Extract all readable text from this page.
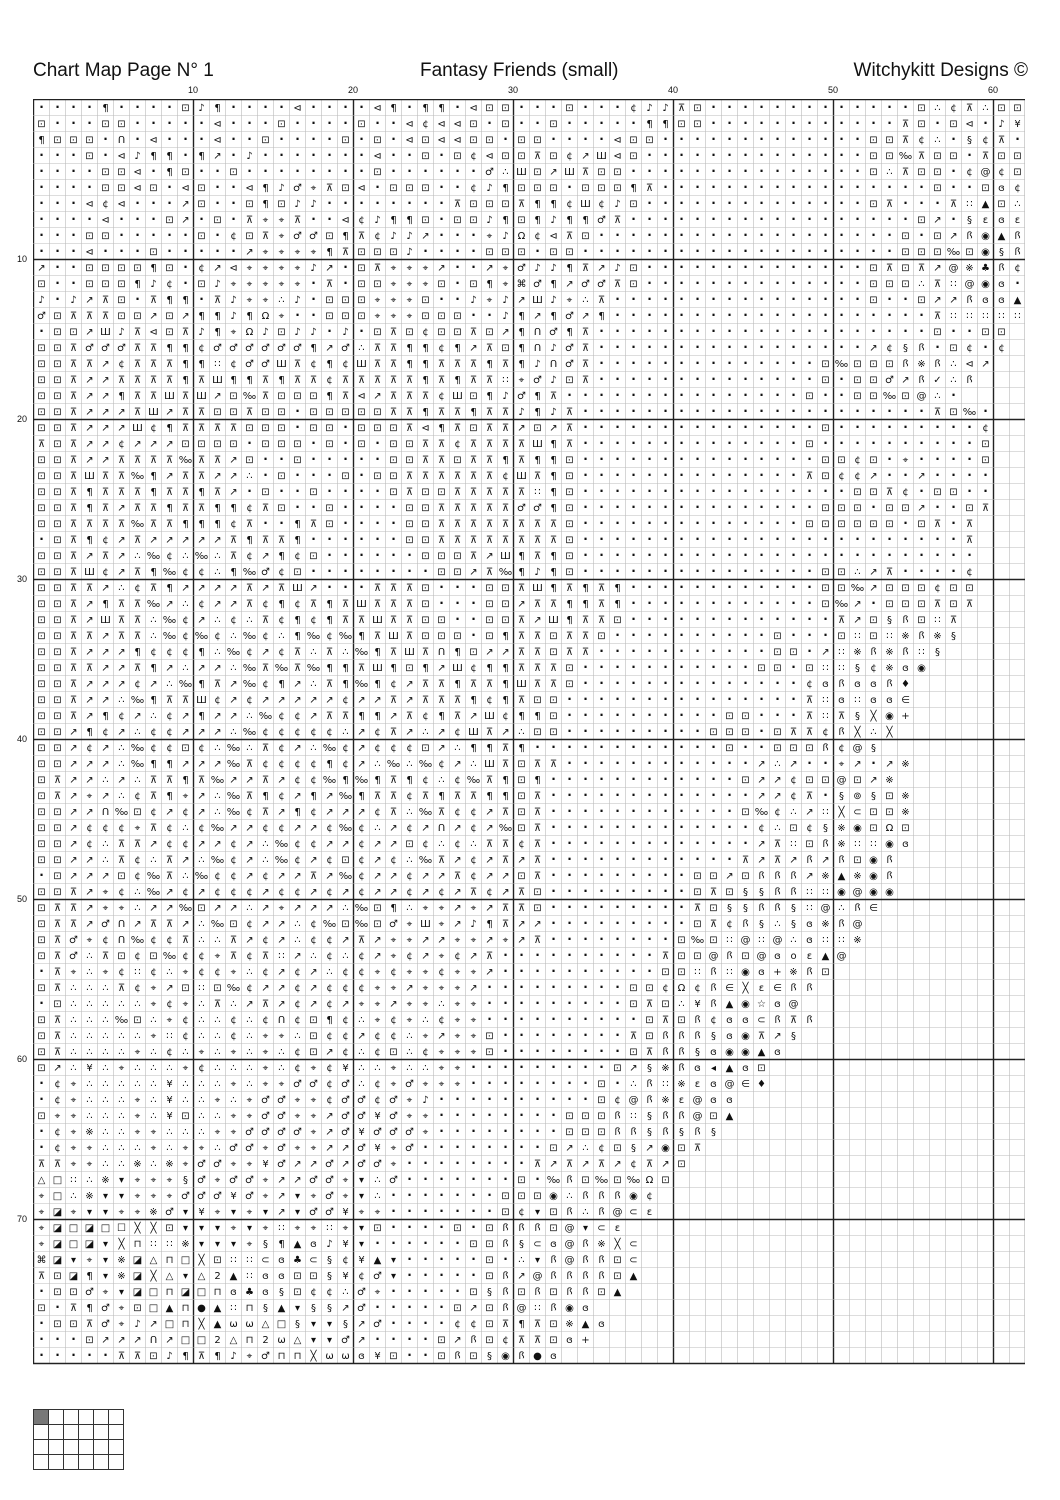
Chart Map Page N° 1	Fantasy Friends (small)	Witchykitt Designs ©
10	20	30	40	50	60
10
20
30
40
50
60
70
· · · · ¶ · · · · ⊡ ♪ ¶ · · · · ⊲ · · · · ⊲ ¶ · ¶ ¶ · ⊲ ⊡ ⊡ · · · ⊡ · · · ¢ ♪ ♪ ⊼ ⊡ · · · · · · · · · · · · · ⊡ ∴ ¢ ⊼ ∴ ⊡ ⊡
⊡ · · · ⊡ ⊡ · · · · · ⊲ · · · ⊡ · · · · ⊡ · · ⊲ ¢ ⊲ ⊲ ⊡ · ⊡ · · ⊡ · · · · · ¶ ¶ ⊡ ⊡ · · · · · · · · · · · · ⊼ ⊡ · ⊡ ⊲ · ♪ ¥
¶ ⊡ ⊡ ⊡ · Ո · ⊲ · · · ⊲ · · ⊡ · · · · ⊡ · ⊡ · ⊲ ⊡ ⊲ ⊲ ⊡ ⊡ · ⊡ ⊡ · · · · ⊲ ⊡ ⊡ · · · · · · · · · · · · · ⊡ ⊡ ⊼ ¢ ∴ · § ¢ ⊼ ·
· · · ⊡ · ⊲ ♪ ¶ ¶ · ¶ ↗ · ♪ · · · · · · · ⊲ · · ⊡ · ⊡ ¢ ⊲ ⊡ ⊡ ⊼ ⊡ ¢ ↗ Ш ⊲ ⊡ · · · · · · · · · · · · · · ⊡ ⊡ ‰ ⊼ ⊡ ⊡ · ⊼ ⊡ ⊡
· · · · ⊡ ⊡ ⊲ · ¶ ⊡ · · ⊡ · · · · · · · · ⊡ · · · · · · ♂ ∴ Ш ⊡ ↗ Ш ⊼ ⊡ ⊡ · · · · · · · · · · · · · · · ⊡ ∴ ⊼ ⊡ ⊡ · ¢ @ ¢ ⊡
· · · · ⊡ ⊡ ⊲ ⊡ · ⊲ ⊡ · · ⊲ ¶ ♪ ♂ ⌖ ⊼ ⊡ ⊲ · ⊡ ⊡ ⊡ · · ¢ ♪ ¶ ⊡ ⊡ ⊡ · ⊡ ⊡ ⊡ ¶ ⊼ · · · · · · · · · · · · · · · · · ⊡ · · ⊡ ɞ ¢
· · · ⊲ ¢ ⊲ · · · ↗ ⊡ · · ⊡ ¶ ⊡ ♪ ♪ · · · · · · · · ⊼ ⊡ ⊡ ⊡ ⊼ ¶ ¶ ¢ Ш ¢ ♪ ⊡ · · · · · · · · · · · · · · ⊡ ⊼ · · · ⊼ ∷ ▲ ⊡ ∴
· · · · ⊲ · · · ⊡ ↗ · ⊡ · ⊼ ⌖ ⌖ ⊼ · · ⊲ ¢ ♪ ¶ ¶ ⊡ · ⊡ ⊡ ♪ ¶ ⊡ ¶ ♪ ¶ ¶ ♂ ⊼ · · · · · · · · · · · · · · · · · · ⊡ ↗ · § ε ɞ ε
· · · ⊡ ⊡ · · · · · ⊡ · ¢ ⊡ ⊼ ⌖ ♂ ♂ ⊡ ¶ ⊼ ¢ ♪ ♪ ↗ · · · ⌖ ♪ Ω ¢ ⊲ ⊼ ⊡ · · · · · · · · · · · · · · · · · · · ⊡ · ⊡ ↗ ꟗ ◉ ▲ ꟗ
· · · ⊲ · · · ⊡ · · · · · ↗ ⌖ ⌖ ⌖ ⌖ ¶ ⊼ ⊡ ⊡ ⊡ ♪ · · · · ⊡ ⊡ ⊡ · ⊡ ⊡ · · · · · · · · · · · · · · · · · · · · ⊡ ⊡ ⊡ ‰ ⊡ ◉ § ꟗ
↗ · · ⊡ ⊡ ⊡ ⊡ ¶ ⊡ · ¢ ↗ ⊲ ⌖ ⌖ ⌖ ⌖ ♪ ↗ · ⊡ ⊼ ⌖ ⌖ ⌖ ↗ · · ↗ ⌖ ♂ ♪ ♪ ¶ ⊼ ↗ ♪ ⊡ · · · · · · · · · · · · · · ⊡ ⊼ ⊡ ⊼ ↗ @ ※ ♣ ꟗ ¢
⊡ · · ⊡ ⊡ ⊡ ¶ ♪ ¢ · ⊡ ♪ ⌖ ⌖ ⌖ ⌖ ⌖ · ⊼ · ⊡ ⊡ ⌖ ⌖ ⌖ ⊡ · ⊡ ¶ ⌖ ⌘ ♂ ¶ ↗ ♂ ♂ ⊼ ⊡ · · · · · · · · · · · · · · ⊡ ⊡ ⊡ ∴ ⊼ ∷ @ ◉ ɞ ·
♪ · ♪ ↗ ⊼ ⊡ · ⊼ ¶ ¶ · ⊼ ♪ ⌖ ⌖ ∴ ♪ · ⊡ ⊡ ⊡ ⌖ ⌖ ⌖ ⊡ · · ♪ ⌖ ♪ ↗ Ш ♪ ⌖ ∴ ⊼ · · · · · · · · · · · · · · · · ⊡ · · ⊡ ↗ ↗ ꟗ ɞ ɞ ▲
♂ ⊡ ⊼ ⊼ ⊼ ⊡ ⊡ ↗ ⊡ ↗ ¶ ¶ ♪ ¶ Ω ⌖ · · ⊡ ⊡ ⊡ ⌖ ⌖ ⌖ ⊡ ⊡ ⊡ · · ♪ ¶ ↗ ¶ ♂ ↗ ¶ · · · · · · · · · · · · · · · · · · · · ⊼ ∷ ∷ ∷ ∷ ∷
· ⊡ ⊡ ↗ Ш ♪ ⊼ ⊲ ⊡ ⊼ ♪ ¶ ⌖ Ω ♪ ⊡ ♪ ♪ · ♪ · ⊡ ⊼ ⊡ ¢ ⊡ ⊡ ⊼ ⊡ ↗ ¶ Ո ♂ ¶ ⊼ · · · · · · · · · · · · · · · · · · · · · ⊡ · · ⊡ ⊡
⊡ ⊡ ⊼ ♂ ♂ ♂ ⊼ ⊼ ¶ ¶ ¢ ♂ ♂ ♂ ♂ ♂ ♂ ¶ ↗ ♂ ∴ ⊼ ⊼ ¶ ¶ ¢ ¶ ↗ ⊼ ⊡ ¶ Ո ♪ ♂ ⊼ · · · · · · · · · · · · · · · · · ↗ ¢ § ꟗ · ⊡ ¢ · ¢
⊡ ⊡ ⊼ ⊼ ↗ ¢ ⊼ ⊼ ⊼ ¶ ¶ ∷ ¢ ♂ ♂ Ш ⊼ ¢ ¶ ¢ Ш ⊼ ⊼ ¶ ¶ ⊼ ⊼ ⊼ ¶ ⊼ ¶ ♪ Ո ♂ ⊼ · · · · · · · · · · · · · · ⊡ ‰ ⊡ ⊡ ⊡ ꟗ ※ ꟗ ∴ ⊲ ↗
⊡ ⊡ ⊼ ↗ ↗ ⊼ ⊼ ⊼ ⊼ ¶ ⊼ Ш ¶ ¶ ⊼ ¶ ⊼ ⊼ ¢ ⊼ ⊼ ⊼ ⊼ ⊼ ¶ ⊼ ¶ ⊼ ⊼ ∷ ⌖ ♂ ♪ ⊡ ⊼ · · · · · · · · · · · · · · ⊡ · ⊡ ⊡ ♂ ↗ ꟗ ✓ ∴ ꟗ
⊡ ⊡ ⊼ ↗ ↗ ¶ ⊼ ⊼ Ш ⊼ Ш ↗ ⊡ ‰ ⊼ ⊡ ⊡ ⊡ ¶ ⊼ ⊲ ↗ ⊼ ⊼ ⊼ ¢ Ш ⊡ ¶ ♪ ♂ ¶ ⊼ · · · · · · · · · · · · · · · ⊡ · · ⊡ ⊡ ‰ ⊡ @ ∴ ·
⊡ ⊡ ⊼ ↗ ↗ ↗ ⊼ Ш ↗ ⊼ ⊼ ⊡ ⊡ ⊼ ⊡ ⊡ · ⊡ ⊡ ⊡ ⊡ ⊡ ⊼ ⊼ ¶ ⊼ ⊼ ¶ ⊼ ⊼ ♪ ¶ ♪ ⊼ · · · · · · · · · · · · · · · · · · · · · · ⊼ ⊡ ‰ ·
⊡ ⊡ ⊼ ↗ ↗ ↗ Ш ¢ ¶ ⊼ ⊼ ⊼ ⊼ ⊡ ⊡ ⊡ · ⊡ ⊡ · ⊡ ⊡ ⊡ ⊼ ⊲ ¶ ⊼ ⊡ ⊼ ⊼ ↗ ⊡ ↗ ⊼ · · · · · · · · · · · · · · · ⊡ · · · · · · · · · ¢
⊼ ⊡ ⊼ ↗ ↗ ¢ ↗ ↗ ↗ ⊡ ⊡ ⊡ ⊡ · ⊡ ⊡ ⊡ · ⊡ · ⊡ · ⊡ ⊡ ⊼ ⊼ ¢ ⊼ ⊼ ⊼ ⊼ Ш ¶ ⊼ · · · · · · · · · · · · · · ⊡ · · · · · · · · · · ⊡
⊡ ⊡ ⊼ ↗ ↗ ⊼ ⊼ ⊼ ⊼ ‰ ⊼ ⊼ ↗ ⊡ · · ⊡ · · · · · ⊡ ⊡ ⊼ ⊼ ⊡ ⊼ ⊼ ¶ ⊼ ¶ ¶ ⊡ · · · · · · · · · · · · · · · ⊡ ⊡ ¢ ⊡ · ⌖ · · · · ⊡
⊡ ⊡ ⊼ Ш ⊼ ⊼ ‰ ¶ ↗ ⊼ ⊼ ↗ ↗ ∴ · ⊡ · · · ⊡ · ⊡ ⊡ ⊼ ⊼ ⊼ ⊼ ⊼ ⊼ ¢ Ш ⊼ ¶ ⊡ · · · · · · · · · · · · · · ⊼ ⊡ ¢ ¢ ↗ · · ↗ · · · ·
⊡ ⊡ ⊼ ¶ ⊼ ⊼ ⊼ ¶ ⊼ ⊼ ¶ ⊼ ↗ · ⊡ · · ⊡ · · · · ⊡ ⊼ ⊡ ⊡ ⊼ ⊼ ⊼ ⊼ ⊼ ∷ ¶ ⊡ · · · · · · · · · · · · · · · · · ⊡ ⊡ ⊼ ¢ · ⊡ ⊡ · ·
⊡ ⊡ ⊼ ¶ ⊼ ↗ ⊼ ⊼ ¶ ⊼ ⊼ ¶ ¶ ¢ ⊼ ⊡ · · ⊡ · · · · ⊡ ⊡ ⊼ ⊼ ⊼ ⊼ ⊼ ♂ ♂ ¶ ⊡ · · · · · · · · · · · · · · · ⊡ ⊡ ⊡ · ⊡ ⊡ ↗ · · ⊡ ⊼
⊡ ⊡ ⊼ ⊼ ⊼ ⊼ ‰ ⊼ ⊼ ¶ ¶ ¶ ¢ ⊼ · · ¶ ⊼ ⊡ · · · · ⊡ ⊡ ⊼ ⊼ ⊼ ⊼ ⊼ ⊼ ⊼ ⊼ ⊡ · · · · · · · · · · · · · · ⊡ ⊡ ⊡ ⊡ ⊡ ⊡ · ⊡ ⊼ · ⊼
· ⊡ ⊼ ¶ ¢ ↗ ⊼ ↗ ↗ ↗ ↗ ↗ ⊼ ¶ ⊼ ⊼ ¶ · · · · · · ⊡ ⊡ ⊼ ⊼ ⊼ ⊼ ⊼ ⊼ ⊼ ⊼ ⊡ · · · · · · · · · · · · · · · · · · · · · · · · ⊼
⊡ ⊡ ⊼ ↗ ⊼ ↗ ∴ ‰ ¢ ∴ ‰ ∴ ⊼ ¢ ↗ ¶ ¢ ⊡ · · · · · · ⊡ ⊡ ⊡ ⊼ ↗ Ш ¶ ⊼ ¶ ⊡ · · · · · · · · · · · · · · · · · · · · · · · · ·
⊡ ⊡ ⊼ Ш ¢ ↗ ⊼ ¶ ‰ ¢ ¢ ∴ ¶ ‰ ♂ ¢ ⊡ · · · · · · · · ⊡ ⊡ ↗ ⊼ ‰ ¶ ♪ ¶ ⊡ · · · · · · · · · · · · · · · ⊡ ⊡ ∴ ↗ ⊼ · · · · ¢
⊡ ⊡ ⊼ ⊼ ↗ ∴ ¢ ⊼ ¶ ↗ ↗ ↗ ↗ ⊼ ↗ ⊼ Ш ↗ · · · ⊼ ⊼ ⊼ ⊡ · · · ⊡ ⊡ ⊼ Ш ¶ ⊼ ¶ ⊼ ¶ · · · · · · · · · · · · ⊡ ⊡ ‰ ↗ ⊡ ⊡ ⊡ ¢ ⊡ ⊡
⊡ ⊡ ⊼ ↗ ¶ ⊼ ⊼ ‰ ↗ ∴ ¢ ↗ ↗ ⊼ ¢ ¶ ¢ ⊼ ¶ ⊼ Ш ⊼ ⊼ ⊼ ⊡ · · · ⊡ ⊡ ↗ ⊼ ⊼ ¶ ¶ ⊼ ¶ · · · · · · · · · · · · ⊡ ‰ ↗ · ⊡ ⊡ ⊡ ⊼ ⊡ ⊼
⊡ ⊡ ⊼ ↗ Ш ⊼ ⊼ ∴ ‰ ¢ ↗ ∴ ¢ ∴ ⊼ ¢ ¶ ¢ ¶ ⊼ ⊼ Ш ⊼ ⊼ ⊡ ⊡ · · ⊡ ⊡ ⊼ ↗ Ш ¶ ⊼ ⊼ ⊡ · · · · · · · · · · · · · ⊼ ↗ ⊡ § ꟗ ⊡ ∷ ⊼
⊡ ⊡ ⊼ ⊼ ↗ ⊼ ⊼ ∴ ‰ ¢ ‰ ¢ ∴ ‰ ¢ ∴ ¶ ‰ ¢ ‰ ¶ ⊼ Ш ⊼ ⊡ ⊡ ⊡ · ⊡ ¶ ⊼ ⊼ ⊡ ⊼ ⊼ ⊡ · · · · · · · · · · ⊡ · · · ⊡ ∷ ⊡ ∷ ※ ꟗ ※ §
⊡ ⊡ ⊼ ↗ ↗ ↗ ¶ ¢ ¢ ¢ ¶ ∴ ‰ ¢ ↗ ¢ ⊼ ∴ ⊼ ∴ ‰ ¶ ⊼ Ш ⊼ Ո ¶ ⊡ ↗ ↗ ⊼ ⊼ ⊡ ⊼ ⊼ · · · · · · · · · · · ⊡ ⊡ · ↗ ∷ ※ ꟗ ※ ꟗ ∷ §
⊡ ⊡ ⊼ ⊼ ↗ ↗ ⊼ ¶ ↗ ∴ ↗ ↗ ∴ ‰ ⊼ ‰ ⊼ ‰ ¶ ¶ ⊼ Ш ¶ ⊡ ¶ ↗ Ш ¢ ¶ ¶ ⊼ ⊼ ⊼ ⊡ · · · · · · · · · · · ⊡ ⊡ · ⊡ ∷ ∷ § ¢ ※ ɞ ◉
⊡ ⊡ ⊼ ↗ ↗ ↗ ¢ ↗ ∴ ‰ ¶ ⊼ ↗ ‰ ¢ ¶ ↗ ∴ ⊼ ¶ ‰ ¶ ¢ ↗ ⊼ ⊼ ¶ ⊼ ⊼ ¶ Ш ⊼ ⊼ ⊡ · · · · · · · · · · · · · · ¢ ɞ ꟗ ɞ ɞ ꟗ ♦
⊡ ⊡ ⊼ ↗ ↗ ∴ ‰ ¶ ⊼ ⊼ Ш ¢ ↗ ¢ ↗ ↗ ↗ ↗ ↗ ¢ ↗ ↗ ⊼ ↗ ⊼ ⊼ ⊼ ¶ ¢ ¶ ⊼ ⊡ ⊡ · · · · · · · · · · · · · · · ⊼ ∷ ɞ ∷ ɞ ɞ ∈
⊡ ⊡ ⊼ ↗ ¶ ¢ ↗ ∴ ¢ ↗ ¶ ↗ ↗ ∴ ‰ ¢ ¢ ↗ ⊼ ⊼ ¶ ¶ ↗ ⊼ ¢ ¶ ⊼ ↗ Ш ¢ ¶ ¶ ⊡ · · · · · · · · · · ⊡ ⊡ · · · ⊼ ∷ ⊼ § ╳ ◉ +
⊡ ⊡ ↗ ¶ ¢ ↗ ∴ ¢ ¢ ↗ ↗ ↗ ∴ ‰ ¢ ¢ ¢ ¢ ¢ ∴ ↗ ¢ ⊼ ↗ ∴ ↗ ¢ Ш ⊼ ↗ ∴ ⊡ ⊡ · · · · · · · · · ⊡ ⊡ ⊡ · ⊡ ⊼ ⊼ ¢ ꟗ ╳ ∴ ╳
⊡ ⊡ ↗ ¢ ↗ ∴ ‰ ¢ ¢ ⊡ ¢ ∴ ‰ ∴ ⊼ ¢ ↗ ∴ ‰ ¢ ↗ ¢ ¢ ¢ ⊡ ↗ ∴ ¶ ¶ ⊼ ¶ · · · · · · · · · · · · ⊡ · · ⊡ ⊡ ⊡ ꟗ ¢ @ §
⊡ ⊡ ↗ ↗ ↗ ∴ ‰ ¶ ¶ ↗ ↗ ↗ ‰ ⊼ ¢ ¢ ¢ ¢ ¶ ¢ ↗ ∴ ‰ ∴ ‰ ¢ ↗ ∴ Ш ⊼ ⊡ ⊼ ⊼ · · · · · · · · · · · · ↗ ∴ ↗ · · ⌖ ↗ · ↗ ※
⊡ ⊼ ↗ ↗ ∴ ↗ ∴ ⊼ ⊼ ¶ ⊼ ‰ ↗ ↗ ⊼ ↗ ¢ ¢ ‰ ¶ ‰ ¶ ⊼ ¶ ¢ ∴ ¢ ‰ ⊼ ¶ ⊡ ¶ · · · · · · · · · · · · ⊡ ↗ ↗ ¢ ⊡ ⊡ @ ⊡ ↗ ※
⊡ ⊼ ↗ ⌖ ↗ ∴ ¢ ⊼ ¶ ⌖ ↗ ∴ ‰ ⊼ ¶ ¢ ↗ ¶ ↗ ‰ ¶ ⊼ ⊼ ¢ ⊼ ¶ ⊼ ⊼ ¶ ¶ ⊡ ⊼ · · · · · · · · · · · · · ↗ ↗ ¢ ⊼ · § ⊚ § ⊡ ※
⊡ ⊡ ↗ ↗ Ո ‰ ⊡ ¢ ↗ ¢ ↗ ∴ ‰ ¢ ⊼ ↗ ¶ ¢ ↗ ↗ ↗ ¢ ⊼ ∴ ‰ ⊼ ¢ ¢ ↗ ⊼ ⊡ ⊼ · · · · · · · · · · · · ⊡ ‰ ¢ ∴ ↗ ∷ ╳ ⊂ ⊡ ⊡ ※
⊡ ⊡ ↗ ¢ ¢ ¢ ⌖ ⊼ ¢ ∴ ¢ ‰ ↗ ↗ ¢ ¢ ↗ ↗ ¢ ‰ ¢ ∴ ↗ ¢ ↗ Ո ↗ ¢ ↗ ‰ ⊡ ⊼ · · · · · · · · · · · · · ¢ ∴ ⊡ ¢ § ※ ◉ ⊡ Ω ⊡
⊡ ⊡ ↗ ¢ ∴ ⊼ ⊼ ↗ ¢ ¢ ↗ ↗ ¢ ↗ ∴ ‰ ¢ ¢ ↗ ↗ ¢ ↗ ↗ ⊡ ¢ ∴ ¢ ∴ ⊼ ⊼ ¢ ⊼ · · · · · · · · · · · · · ↗ ⊼ ∷ ⊡ ꟗ ※ ∷ ∷ ◉ ɞ
⊡ ⊡ ↗ ↗ ∴ ⊼ ¢ ∴ ⊼ ↗ ∴ ‰ ¢ ↗ ∴ ‰ ¢ ↗ ¢ ⊡ ¢ ↗ ¢ ∴ ‰ ⊼ ↗ ¢ ↗ ⊼ ↗ ⊼ · · · · · · · · · · · · ⊼ ↗ ⊼ ↗ ꟗ ↗ ꟗ ⊡ ◉ ꟗ
· ⊡ ↗ ↗ ↗ ⊡ ¢ ‰ ⊼ ∴ ‰ ¢ ¢ ↗ ¢ ↗ ↗ ⊼ ↗ ‰ ¢ ↗ ↗ ¢ ↗ ↗ ⊼ ¢ ↗ ↗ ⊡ ⊼ · · · · · · · · · ⊡ ⊡ ↗ ⊡ ꟗ ꟗ ꟗ ↗ ※ ▲ ※ ◉ ꟗ
⊡ ⊡ ⊼ ↗ ⌖ ¢ ∴ ‰ ↗ ¢ ↗ ¢ ¢ ¢ ↗ ¢ ¢ ↗ ¢ ↗ ¢ ↗ ↗ ¢ ↗ ¢ ↗ ⊼ ¢ ↗ ⊼ ⊡ · · · · · · · · · ⊡ ⊼ ⊡ § § ꟗ ꟗ ∷ ∷ ◉ @ ◉ ◉
⊡ ⊼ ⊼ ↗ ⌖ ⌖ ∴ ↗ ↗ ‰ ⊡ ↗ ↗ ∴ ↗ ⌖ ↗ ↗ ↗ ∴ ‰ ⊡ ¶ ∴ ⌖ ⌖ ↗ ⌖ ↗ ⊼ ⊼ ⊡ · · · · · · · · · ⊼ ⊡ § § ꟗ ꟗ § ∷ @ ∴ ꟗ ∈
⊡ ⊼ ⊼ ↗ ♂ Ո ↗ ⊼ ⊼ ↗ ∴ ‰ ⊡ ¢ ↗ ↗ ∴ ¢ ‰ ⊡ ‰ ⊡ ♂ ⌖ Ш ⌖ ↗ ♪ ¶ ⊼ ↗ ↗ · · · · · · · · · ⊡ ⊼ ¢ ꟗ § ∴ § ɞ ※ ꟗ @
⊡ ⊼ ♂ ⌖ ¢ Ո ‰ ¢ ¢ ⊼ ∴ ∴ ⊼ ↗ ¢ ↗ ∴ ¢ ¢ ↗ ⊼ ↗ ⌖ ⌖ ↗ ↗ ⌖ ⌖ ↗ ⌖ ↗ ⊼ · · · · · · · · ⊡ ‰ ⊡ ∷ @ ∷ @ ∴ ɞ ∷ ∷ ※
⊡ ⊼ ♂ ∴ ⊼ ⊡ ¢ ⊡ ‰ ¢ ¢ ⌖ ⊼ ¢ ⊼ ∷ ↗ ∴ ¢ ∴ ¢ ↗ ⌖ ¢ ↗ ⌖ ¢ ↗ ⊼ · · · · · · · · · · ⊼ ⊡ ⊡ @ ꟗ ⊡ @ ɞ ο ε ▲ @
· ⊼ ⌖ ∴ ⌖ ¢ ∷ ¢ ∴ ⌖ ¢ ¢ ⌖ ∴ ¢ ↗ ¢ ↗ ∴ ¢ ¢ ⌖ ¢ ⌖ ⌖ ¢ ⌖ ⌖ ↗ · · · · · · · · · · ⊡ ⊡ ∷ ꟗ ∷ ◉ ɞ + ※ ꟗ ⊡
⊡ ⊼ ∴ ∴ ∴ ⊼ ¢ ⌖ ↗ ⊡ ∷ ⊡ ‰ ¢ ↗ ↗ ¢ ↗ ¢ ¢ ¢ ⌖ ⌖ ↗ ⌖ ⌖ ⌖ ↗ · · · · · · · · · ⊡ ⊡ ¢ Ω ¢ ꟗ ∈ ╳ ε ∈ ꟗ ꟗ
· ⊡ ∴ ∴ ∴ ∴ ∴ ⌖ ¢ ⌖ ∴ ⊼ ∴ ↗ ⊼ ↗ ¢ ↗ ¢ ↗ ⌖ ⌖ ↗ ⌖ ⌖ ∴ ⌖ ⌖ · · · · · · · · · ⊡ ⊼ ⊡ ∴ ¥ ꟗ ▲ ◉ ☆ ɞ @
⊡ ⊼ ∴ ∴ ∴ ‰ ⊡ ∴ ⌖ ¢ ∴ ∴ ¢ ∴ ¢ Ո ¢ ⊡ ¶ ¢ ∴ ⌖ ¢ ⌖ ∴ ¢ ⌖ ⌖ · · · · · · · · · · ⊡ ⊼ ⊡ ꟗ ¢ ɞ ɞ ⊂ ꟗ ⊼ ꟗ
⊡ ⊼ ∴ ∴ ∴ ∴ ∴ ⌖ ∷ ¢ ∴ ∴ ¢ ∴ ⌖ ⌖ ∴ ⊡ ¢ ¢ ↗ ¢ ¢ ∴ ⌖ ↗ ⌖ ⌖ ⊡ · · · · · · · · ⊼ ⊡ ꟗ ꟗ ꟗ § ɞ ◉ ⊼ ↗ §
⊡ ⊼ ∴ ∴ ∴ ∴ ⌖ ∴ ¢ ∴ ⌖ ∴ ⌖ ∴ ⌖ ∴ ¢ ⊡ ↗ ¢ ∴ ¢ ⊡ ∴ ¢ ⌖ ⌖ ⌖ ⊡ · · · · · · · · ⊡ ⊼ ꟗ ꟗ § ɞ ◉ ◉ ▲ ɞ
⊡ ↗ ∴ ¥ ∴ ⌖ ∴ ∴ ∴ ⌖ ¢ ∴ ∴ ∴ ⌖ ∴ ¢ ⌖ ¢ ¥ ∴ ∴ ⌖ ∴ ∴ ⌖ ⌖ · · · · · · · · · ⊡ ↗ § ※ ꟗ ɞ ◂ ▲ ɞ ⊡
· ¢ ⌖ ∴ ∴ ∴ ∴ ∴ ¥ ∴ ∴ ∴ ⌖ ∴ ⌖ ⌖ ♂ ♂ ¢ ♂ ∴ ¢ ⌖ ♂ ⌖ ⌖ ⌖ · · · · · · · · ⊡ · ∴ ꟗ ∷ ※ ε ɞ @ ∈ ♦
· ¢ ⌖ ∴ ∴ ∴ ⌖ ∴ ¥ ∴ ∴ ⌖ ∴ ⌖ ♂ ♂ ⌖ ⌖ ¢ ♂ ♂ ¢ ♂ ⌖ ♪ · · · · · · · · · · ⊡ ¢ @ ꟗ ※ ε @ ɞ ɞ
⊡ ⌖ ⌖ ∴ ∴ ∴ ⌖ ∴ ¥ ⊡ ∴ ∴ ⌖ ⌖ ♂ ♂ ⌖ ⌖ ↗ ♂ ♂ ¥ ♂ ⌖ ⌖ · · · · · · · · ⊡ ⊡ ⊡ ꟗ ∷ § ꟗ ꟗ @ ⊡ ▲
· ¢ ⌖ ※ ∴ ∴ ⌖ ⌖ ∴ ∴ ∴ ⌖ ⌖ ♂ ♂ ♂ ♂ ⌖ ↗ ♂ ¥ ♂ ♂ ♂ ⌖ · · · · · · · · ⊡ ⊡ ⊡ ꟗ ꟗ § ꟗ § ꟗ §
· ¢ ⌖ ⌖ ∴ ∴ ∴ ⌖ ∴ ⌖ ⌖ ∴ ♂ ♂ ⌖ ♂ ⌖ ⌖ ↗ ↗ ♂ ¥ ⌖ ♂ · · · · · · · · ⊡ ↗ ∴ ¢ ⊡ § ↗ ◉ ⊡ ⊼
⊼ ⊼ ⌖ ⌖ ∴ ∴ ※ ∴ ※ ⌖ ♂ ♂ ⌖ ⌖ ¥ ♂ ↗ ↗ ♂ ↗ ♂ ♂ ⌖ · · · · · · · · ⊼ ↗ ⊼ ↗ ⊼ ↗ ¢ ⊼ ↗ ⊡
△ □ ∷ ∴ ※ ▾ ⌖ ⌖ ⌖ § ♂ ⌖ ♂ ♂ ⌖ ↗ ↗ ♂ ♂ ⌖ ▾ ∴ ♂ · · · · · · · ⊡ · ‰ ꟗ ⊡ ‰ ⊡ ‰ Ω ⊡
⌖ □ ∴ ※ ▾ ▾ ⌖ ⌖ ⌖ ♂ ♂ ♂ ¥ ♂ ⌖ ↗ ▾ ⌖ ♂ ⌖ ▾ ∴ · · · · · · · ⊡ ⊡ ⊡ ◉ ∴ ꟗ ꟗ ꟗ ◉ ¢
⌖ ◪ ⌖ ▾ ▾ ⌖ ⌖ ※ ♂ ▾ ¥ ⌖ ▾ ⌖ ▾ ↗ ▾ ♂ ♂ ¥ ⌖ ⌖ · · · · · · · ⊡ ¢ ▾ ⊡ ꟗ ∴ ꟗ @ ⊂ ε
⌖ ◪ □ ◪ □ ☐ ╳ ╳ ⊡ ▾ ▾ ▾ ⌖ ▾ ⌖ ∷ ⌖ ⌖ ∷ ⌖ ▾ ⊡ · · · · ⊡ · ⊡ ꟗ ꟗ ꟗ ⊡ @ ▾ ⊂ ε
⌖ ◪ □ ◪ ▾ ╳ ⊓ ∷ ∷ ※ ▾ ▾ ▾ ⌖ § ¶ ▲ ɞ ♪ ¥ ▾ · · · · · · ⊡ ⊡ ꟗ § ⊂ ɞ @ ꟗ ※ ╳ ⊂
⌘ ◪ ▾ ⌖ ▾ ※ ◪ △ ⊓ □ ╳ ⊡ ∷ ∷ ⊂ ɞ ♣ ⊂ § ¢ ¥ ▲ ▾ · · · · · ⊡ · ∴ ▾ ꟗ @ ꟗ ꟗ ⊡ ⊂
⊼ ⊡ ◪ ¶ ▾ ※ ◪ ╳ △ ▾ △ 2 ▲ ∷ ɞ ɞ ⊡ ⊡ § ¥ ¢ ♂ ▾ · · · · · ⊡ ꟗ ↗ @ ꟗ ꟗ ꟗ ꟗ ⊡ ▲
· ⊡ ⊡ ♂ ⌖ ▾ ◪ □ ⊓ ◪ □ ⊓ ɞ ♣ ɞ § ⊡ ¢ ¢ ∴ ♂ ⌖ · · · · · ⊡ § ꟗ ⊡ ꟗ ⊡ ꟗ ꟗ ⊡ ▲
⊡ · ⊼ ¶ ♂ ⌖ ⊡ □ ▲ ⊓ ● ▲ ∷ ⊓ § ▲ ▾ § § ↗ ♂ · · · · · ⊡ ↗ ⊡ ꟗ @ ∷ ꟗ ◉ ɞ
· ⊡ ⊡ ⊼ ♂ ⌖ ♪ ↗ □ ⊓ ╳ ▲ ω ω △ □ § ▾ ▾ § ↗ ♂ · · · · ¢ ¢ ⊡ ⊼ ¶ ⊼ ⊡ ※ ▲ ɞ
· · · ⊡ ↗ ↗ ↗ Ո ↗ □ □ 2 △ ⊓ 2 ω △ ▾ ▾ ♂ ↗ · · · · ⊡ ↗ ꟗ ⊡ ¢ ⊼ ⊼ ⊡ ɞ +
· · · · · ⊼ ⊼ ⊡ ♪ ¶ ⊼ ¶ ♪ ⌖ ♂ ⊓ ⊓ ╳ ω ω ɞ ¥ ⊡ · · ⊡ ꟗ ⊡ § ◉ ꟗ ● ɞ
